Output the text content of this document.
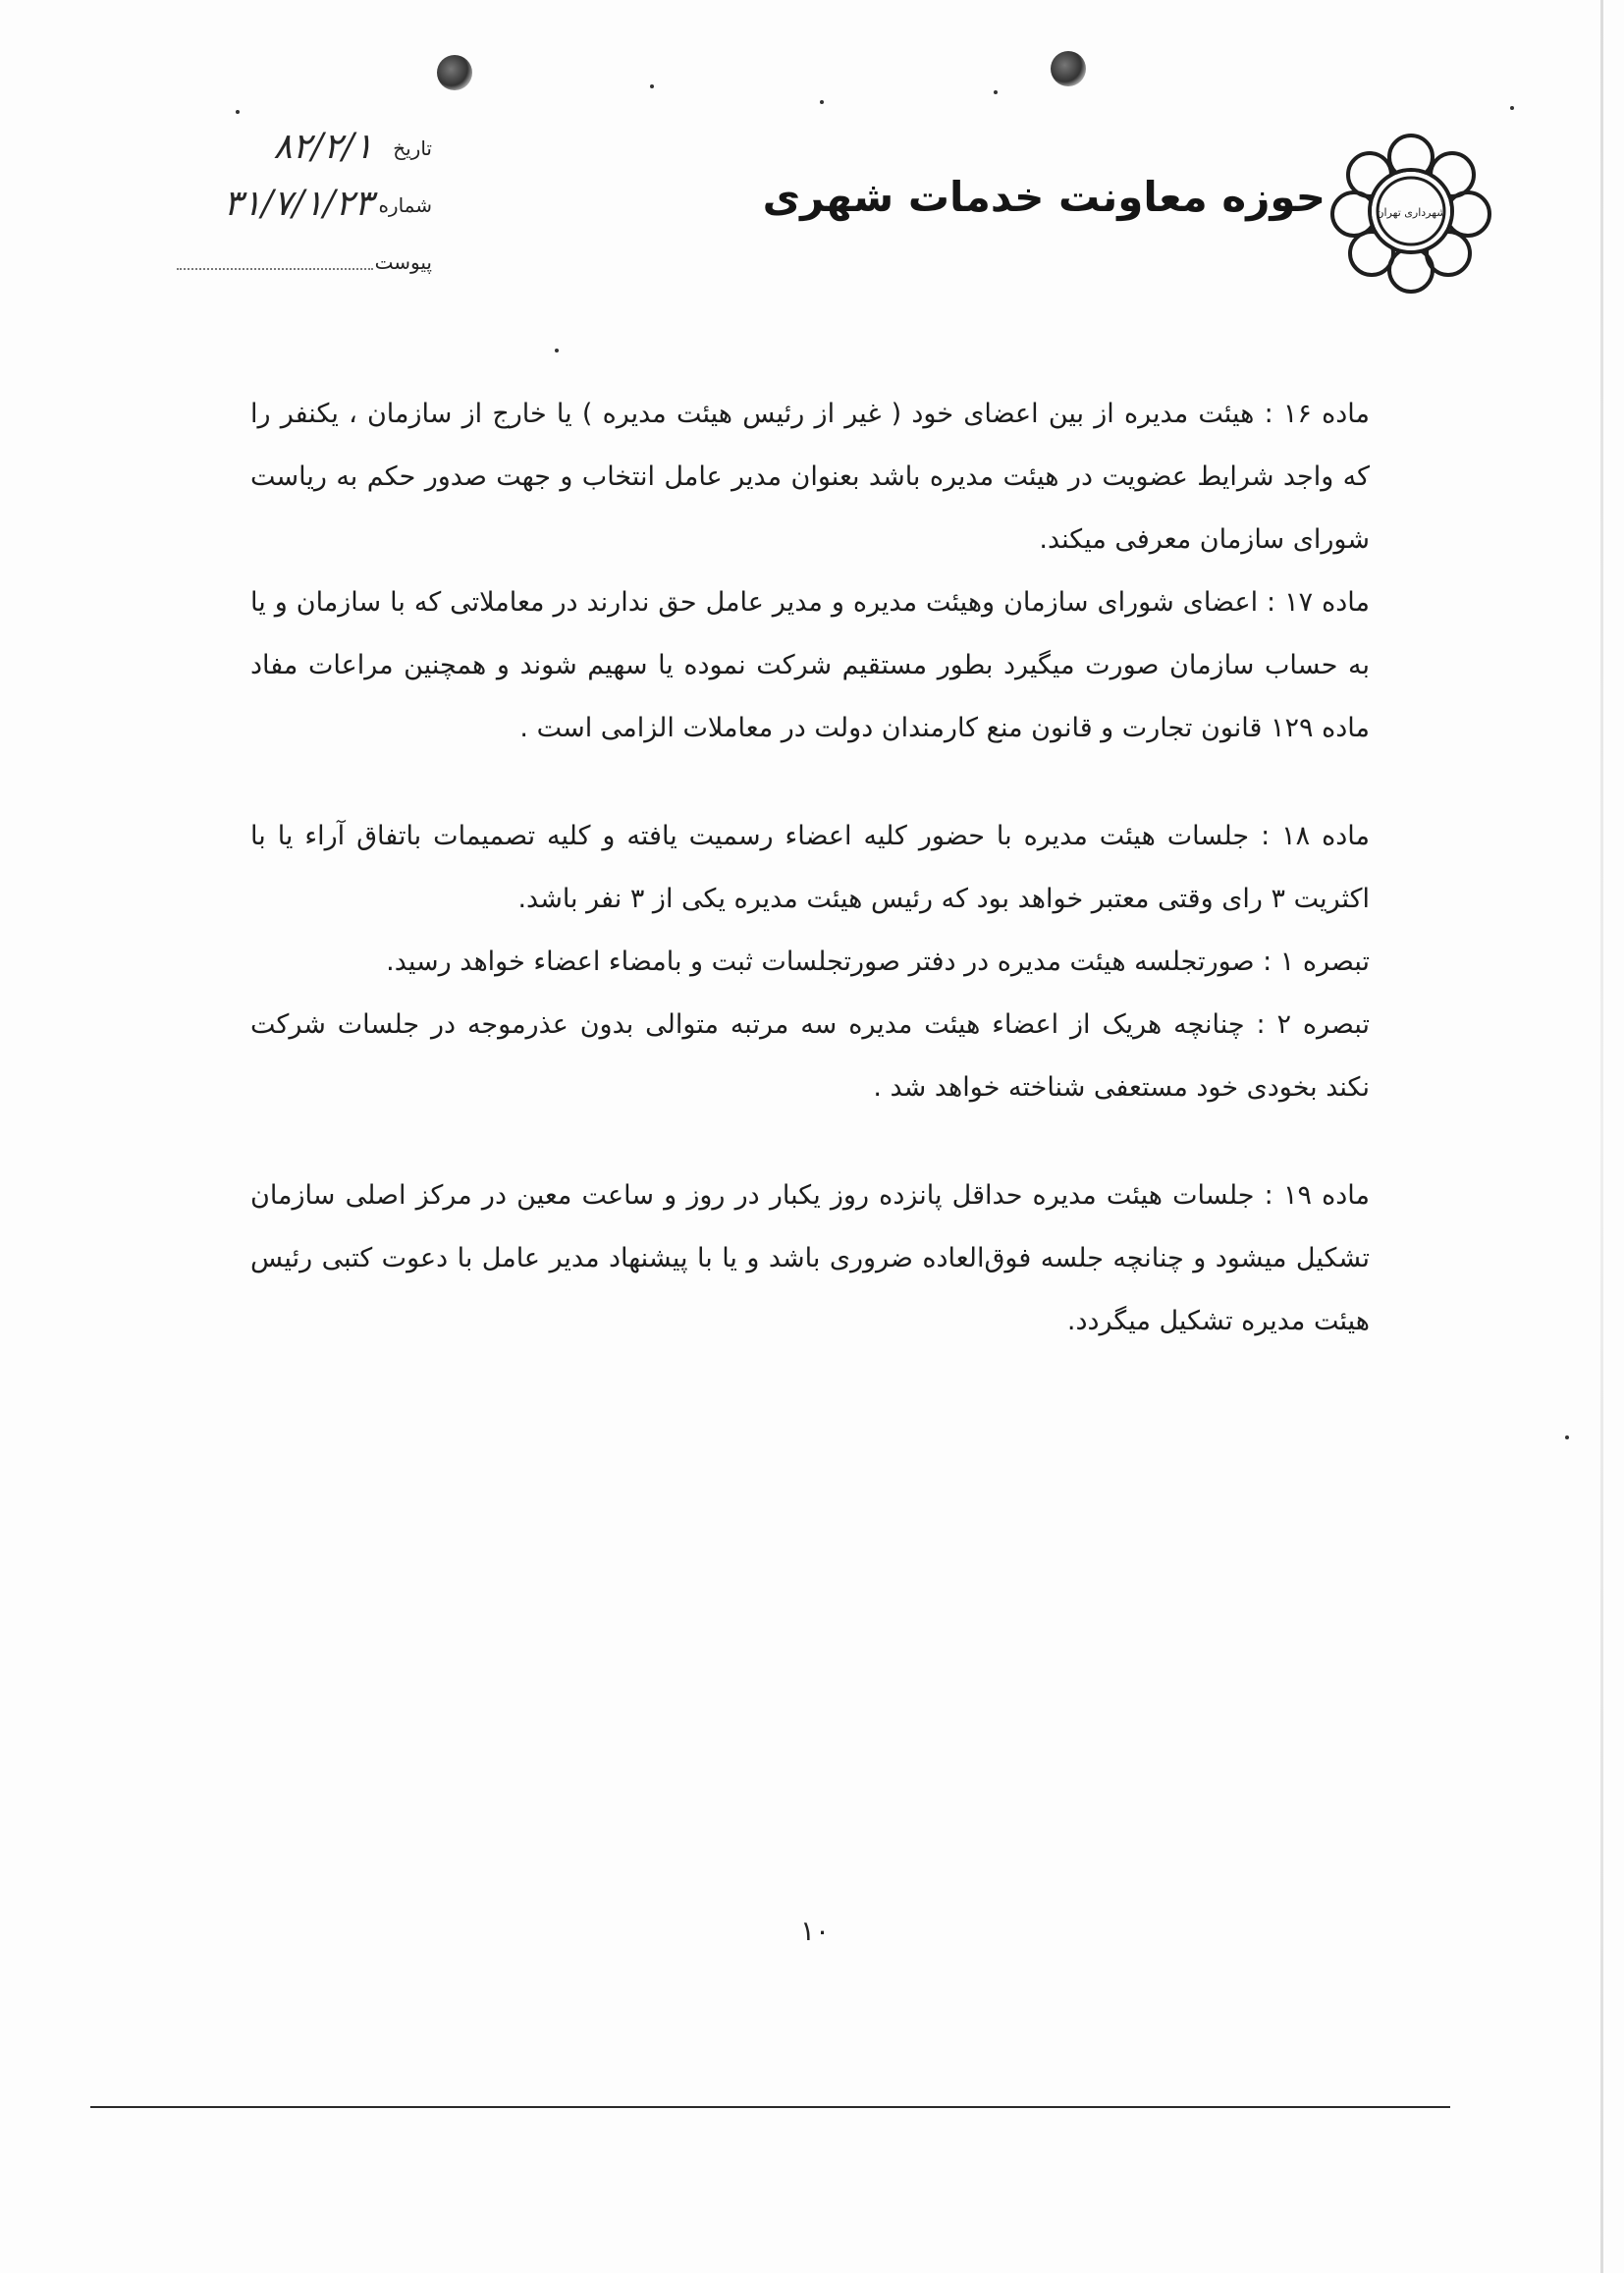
شهرداری تهران
حوزه معاونت خدمات شهری
تاریخ
۸۲/۲/۱
شماره
۳۱/۷/۱/۲۳
پیوست

ماده ۱۶ : هیئت مدیره از بین اعضای خود ( غیر از رئیس هیئت مدیره ) یا خارج از سازمان ، یکنفر را که واجد شرایط عضویت در هیئت مدیره باشد بعنوان مدیر عامل انتخاب و جهت صدور حکم به ریاست شورای سازمان معرفی میکند.

ماده ۱۷ : اعضای شورای سازمان وهیئت مدیره و مدیر عامل حق ندارند در معاملاتی که با سازمان و یا به حساب سازمان صورت میگیرد بطور مستقیم شرکت نموده یا سهیم شوند و همچنین مراعات مفاد ماده ۱۲۹ قانون تجارت و قانون منع کارمندان دولت در معاملات الزامی است .

ماده ۱۸ : جلسات هیئت مدیره با حضور کلیه اعضاء رسمیت یافته و کلیه تصمیمات باتفاق آراء یا با اکثریت ۳ رای وقتی معتبر خواهد بود که رئیس هیئت مدیره یکی از ۳ نفر باشد.

تبصره ۱ : صورتجلسه هیئت مدیره در دفتر صورتجلسات ثبت و بامضاء اعضاء خواهد رسید.

تبصره ۲ : چنانچه هریک از اعضاء هیئت مدیره سه مرتبه متوالی بدون عذرموجه در جلسات شرکت نکند بخودی خود مستعفی شناخته خواهد شد .

ماده ۱۹ : جلسات هیئت مدیره حداقل پانزده روز یکبار در روز و ساعت معین در مرکز اصلی سازمان تشکیل میشود و چنانچه جلسه فوق‌العاده ضروری باشد و یا با پیشنهاد مدیر عامل با دعوت کتبی رئیس هیئت مدیره تشکیل میگردد.

۱۰
